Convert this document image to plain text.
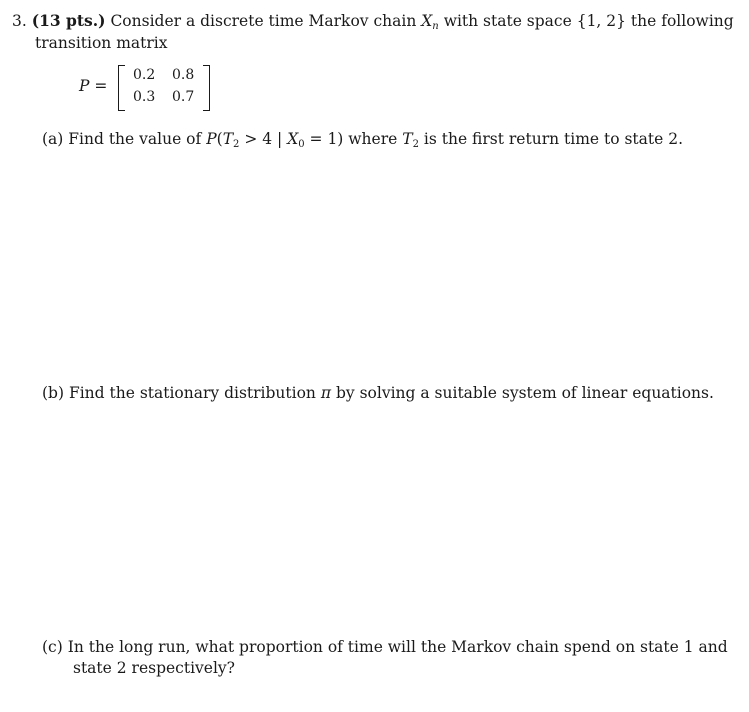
3. (13 pts.) Consider a discrete time Markov chain $X_n$ with state space {1, 2} the following
transition matrix
P =
0.2 0.8
0.3 0.7
(a) Find the value of $P(T_2 > 4$ | $X_0 = 1$) where $T_2$ is the first return time to state 2.
(b) Find the stationary distribution π by solving a suitable system of linear equations.
(c) In the long run, what proportion of time will the Markov chain spend on state 1 and
state 2 respectively?
